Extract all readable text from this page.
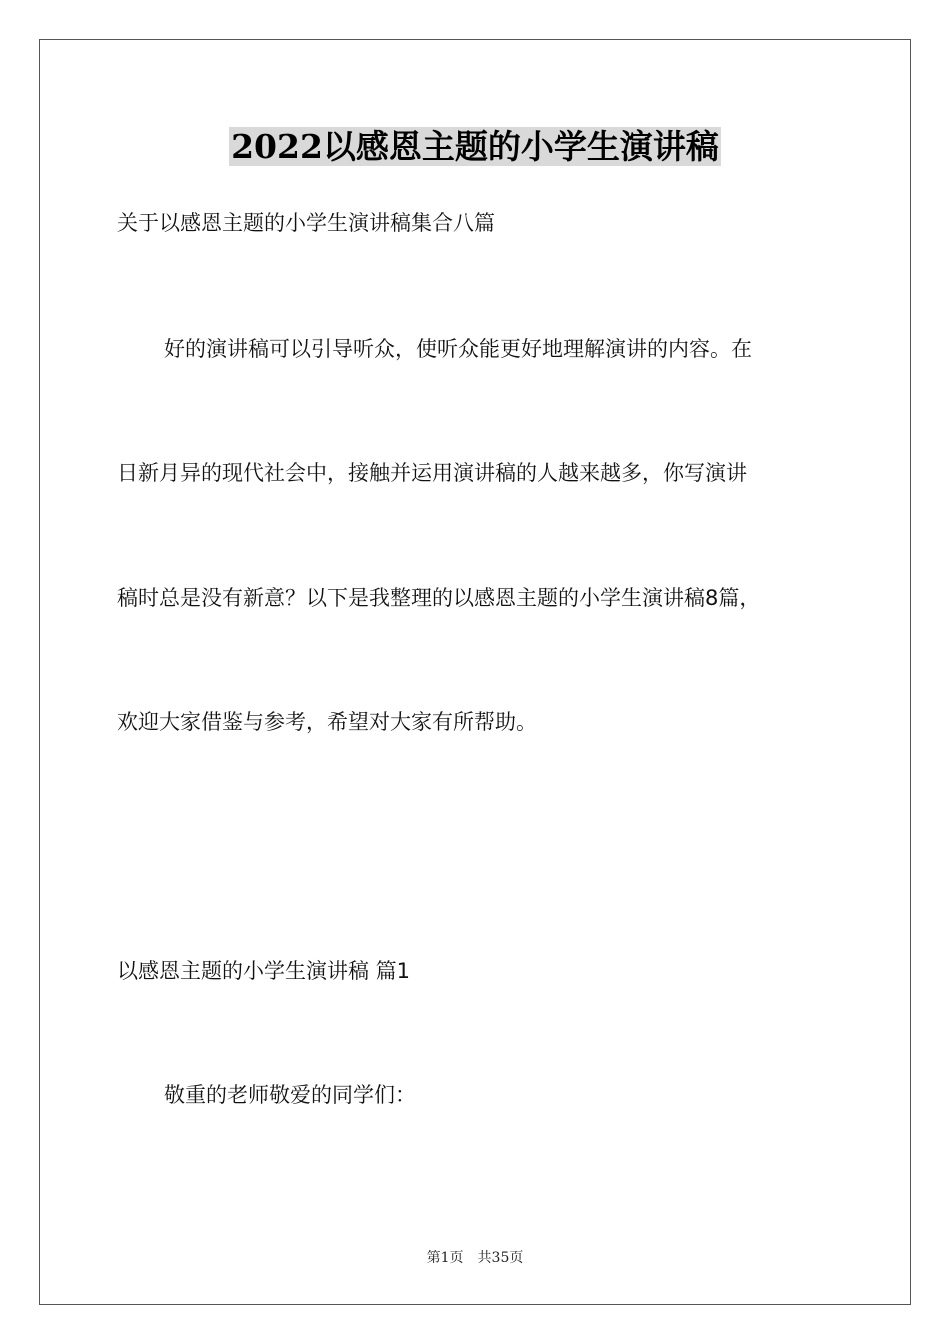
2022以感恩主题的小学生演讲稿
关于以感恩主题的小学生演讲稿集合八篇
好的演讲稿可以引导听众，使听众能更好地理解演讲的内容。在
日新月异的现代社会中，接触并运用演讲稿的人越来越多，你写演讲
稿时总是没有新意？以下是我整理的以感恩主题的小学生演讲稿8篇，
欢迎大家借鉴与参考，希望对大家有所帮助。
以感恩主题的小学生演讲稿 篇1
敬重的老师敬爱的同学们：
第1页 共35页
